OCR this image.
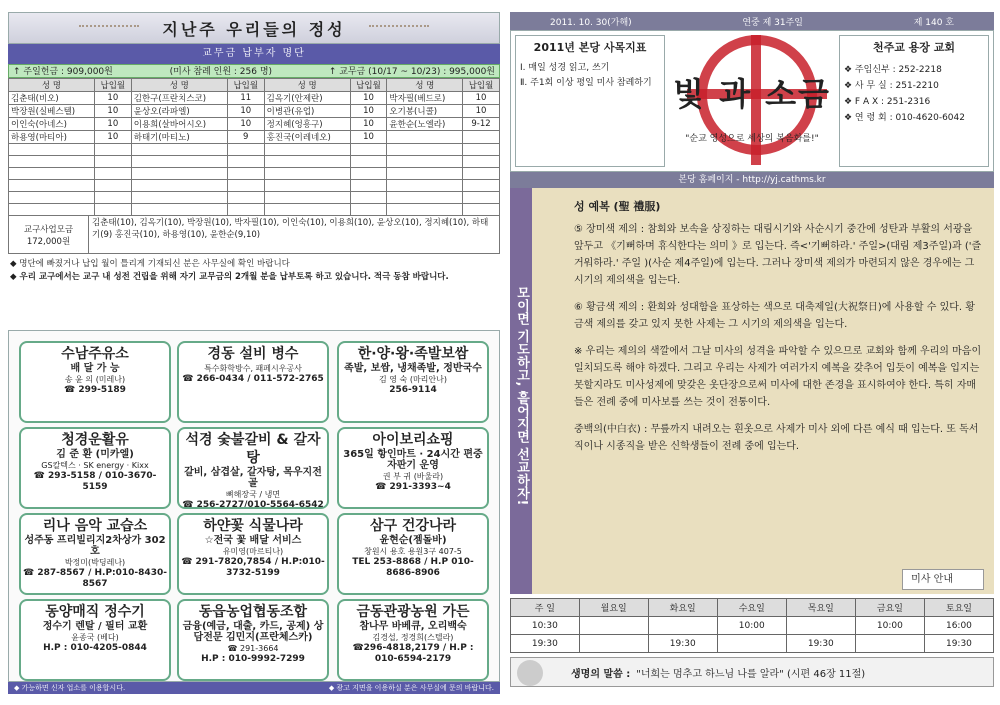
지난주 우리들의 정성
교무금 납부자 명단
↑ 주일헌금 : 909,000원	(미사 참례 인원 : 256 명)	↑ 교무금 (10/17 ~ 10/23) : 995,000원
성 명	납입월	성 명	납입월	성 명	납입월	성 명	납입월
김춘태(비오)	10	김한구(프란치스코)	11	김옥기(안제란)	10	박자필(베드로)	10
박장원(실베스텔)	10	윤상오(라파엘)	10	이병관(유업)	10	오기봉(니콜)	10
이인숙(아네스)	10	이용희(살바어시오)	10	정지혜(엉흥구)	10	윤한순(노엘라)	9-12
하용영(마티아)	10	하태기(마티노)	9	홍진국(이레네오)	10		

교구사업모금
172,000원
김춘태(10), 김옥기(10), 박장원(10), 박자필(10), 이인숙(10), 이용희(10), 윤상오(10), 정지혜(10), 하태기(9) 홍진국(10), 하용영(10), 윤한순(9,10)
◆ 명단에 빠졌거나 납입 월이 틀리게 기재되신 분은 사무실에 확인 바랍니다
◆ 우리 교구에서는 교구 내 성전 건립을 위해 자기 교무금의 2개월 분을 납부토록 하고 있습니다. 적극 동참 바랍니다.
수남주유소
배 달 가 능
송 윤 의 (미레나)
☎ 299-5189
경동 설비 병수
특수화학방수, 패페시우공사
☎ 266-0434 / 011-572-2765
한·양·왕·족발보쌈
족발, 보쌈, 냉채족발, 정반국수
김 영 숙 (마리안나)
256-9114
청경운활유
김 준 환 (미카엘)
GS칼텍스 · SK energy · Kixx
☎ 293-5158 / 010-3670-5159
석경 숯불갈비 & 갈자탕
갈비, 삼겹살, 갈자탕, 목우지전골
뼈해장국 / 냉면
☎ 256-2727/010-5564-6542
아이보리쇼핑
365일 항인마트 · 24시간 편중 자판기 운영
권 부 귀 (바울라)
☎ 291-3393~4
리나 음악 교습소
성주동 프리빌리지2차상가 302호
박정미(박딩레나)
☎ 287-8567 / H.P:010-8430-8567
하얀꽃 식물나라
☆전국 꽃 배달 서비스
유미영(마르티나)
☎ 291-7820,7854 / H.P:010-3732-5199
삼구 건강나라
윤현순(젬돌바)
창원시 용호 용원3구 407-5
TEL 253-8868 / H.P 010-8686-8906
동양매직 정수기
정수기 렌탈 / 필터 교환
윤종국 (베다)
H.P : 010-4205-0844
동읍농업협동조합
금융(예금, 대출, 카드, 공제) 상담전문 김민지(프란체스카)
☎ 291-3664
H.P : 010-9992-7299
금동관광농원 가든
참나무 바베큐, 오리백숙
김경섭, 정경희(스텔라)
☎296-4818,2179 / H.P : 010-6594-2179
◆ 가능하면 신자 업소를 이용합시다.	◆ 광고 지면을 이용하실 분은 사무실에 문의 바랍니다.
2011. 10. 30(가해)	연중 제 31주일	제 140 호
2011년 본당 사목지표
Ⅰ. 매일 성경 읽고, 쓰기
Ⅱ. 주1회 이상 평일 미사 참례하기 빛 과 소금
"순교 영성으로 세상의 복음화를!"
천주교 용장 교회
❖ 주임신부 : 252-2218
❖ 사 무 실 : 251-2210
❖ F A X : 251-2316
❖ 연 령 회 : 010-4620-6042
본당 홈페이지 - http://yj.cathms.kr
모이면 기도하고, 흩어지면 선교하자!
성 예복 (聖 禮服)

⑤ 장미색 제의 : 참회와 보속을 상징하는 대림시기와 사순시기 중간에 성탄과 부활의 서광을 앞두고 《기뻐하며 휴식한다는 의미 》로 입는다. 즉<'기뻐하라.' 주일>(대림 제3주일)과 ('즐거워하라.' 주일 )(사순 제4주일)에 입는다. 그러나 장미색 제의가 마련되지 않은 경우에는 그 시기의 제의색을 입는다.

⑥ 황금색 제의 : 환희와 성대함을 표상하는 색으로 대축제일(大祝祭日)에 사용할 수 있다. 황금색 제의를 갖고 있지 못한 사제는 그 시기의 제의색을 입는다.

※ 우리는 제의의 색깔에서 그날 미사의 성격을 파악할 수 있으므로 교회와 함께 우리의 마음이 일치되도록 해야 하겠다. 그리고 우리는 사제가 여러가지 예복을 갖추어 입듯이 예복을 입지는 못할지라도 미사성제에 맞갖은 옷단장으로써 미사에 대한 존경을 표시하여야 한다. 특히 자매들은 전례 중에 미사보를 쓰는 것이 전통이다.

중백의(中白衣) : 무릎까지 내려오는 흰옷으로 사제가 미사 외에 다른 예식 때 입는다. 또 독서직이나 시종직을 받은 신학생들이 전례 중에 입는다.

미사 안내
주 일	월요일	화요일	수요일	목요일	금요일	토요일
10:30			10:00		10:00	16:00
19:30		19:30		19:30		19:30
생명의 말씀 : "너희는 멈추고 하느님 나를 알라" (시편 46장 11절)
